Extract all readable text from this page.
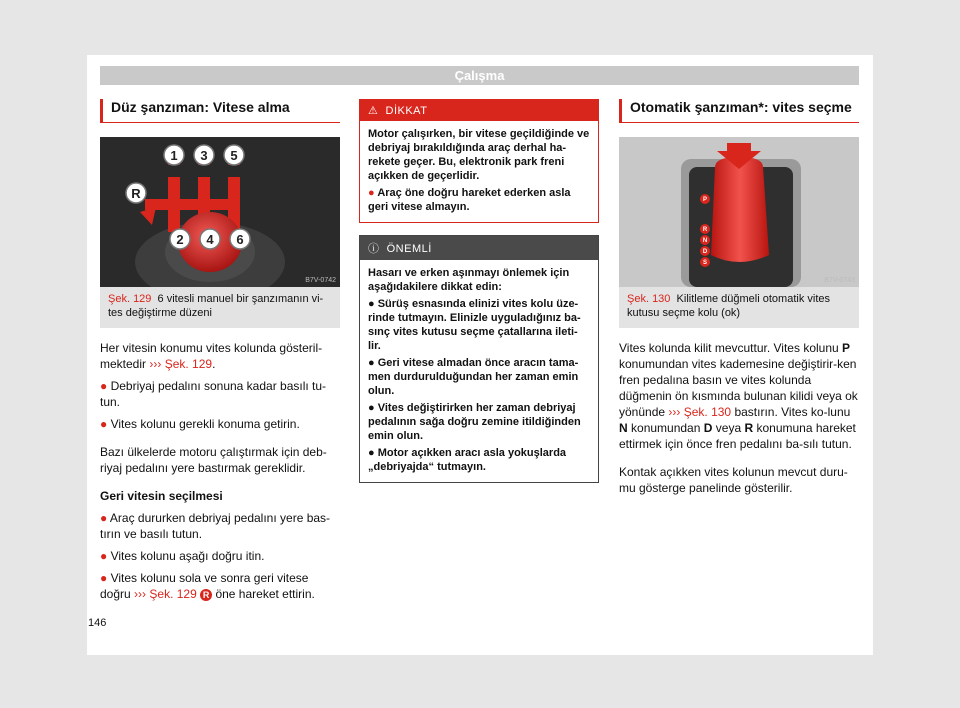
Çalışma
Düz şanzıman: Vitese alma
1 3 5
R
2 4 6
B7V-0742
Şek. 129 6 vitesli manuel bir şanzımanın vi-tes değiştirme düzeni

Her vitesin konumu vites kolunda gösteril-mektedir ››› Şek. 129.

● Debriyaj pedalını sonuna kadar basılı tu-tun.
● Vites kolunu gerekli konuma getirin.

Bazı ülkelerde motoru çalıştırmak için deb-riyaj pedalını yere bastırmak gereklidir.

Geri vitesin seçilmesi

● Araç dururken debriyaj pedalını yere bas-tırın ve basılı tutun.
● Vites kolunu aşağı doğru itin.
● Vites kolunu sola ve sonra geri vitese doğru ››› Şek. 129 R öne hareket ettirin.
⚠ DİKKAT
Motor çalışırken, bir vitese geçildiğinde ve debriyaj bırakıldığında araç derhal ha-rekete geçer. Bu, elektronik park freni açıkken de geçerlidir.
● Araç öne doğru hareket ederken asla geri vitese almayın.
ⓘ ÖNEMLİ
Hasarı ve erken aşınmayı önlemek için aşağıdakilere dikkat edin:
● Sürüş esnasında elinizi vites kolu üze-rinde tutmayın. Elinizle uyguladığınız ba-sınç vites kutusu seçme çatallarına ileti-lir.
● Geri vitese almadan önce aracın tama-men durdurulduğundan her zaman emin olun.
● Vites değiştirirken her zaman debriyaj pedalının sağa doğru zemine itildiğinden emin olun.
● Motor açıkken aracı asla yokuşlarda „debriyajda“ tutmayın.
Otomatik şanzıman*: vites seçme
P
R
N
D
S
B7V-0743
Şek. 130 Kilitleme düğmeli otomatik vites kutusu seçme kolu (ok)

Vites kolunda kilit mevcuttur. Vites kolunu P konumundan vites kademesine değiştirir-ken fren pedalına basın ve vites kolunda düğmenin ön kısmında bulunan kilidi veya ok yönünde ››› Şek. 130 bastırın. Vites ko-lunu N konumundan D veya R konumuna hareket ettirmek için önce fren pedalını ba-sılı tutun.

Kontak açıkken vites kolunun mevcut duru-mu gösterge panelinde gösterilir.

146
